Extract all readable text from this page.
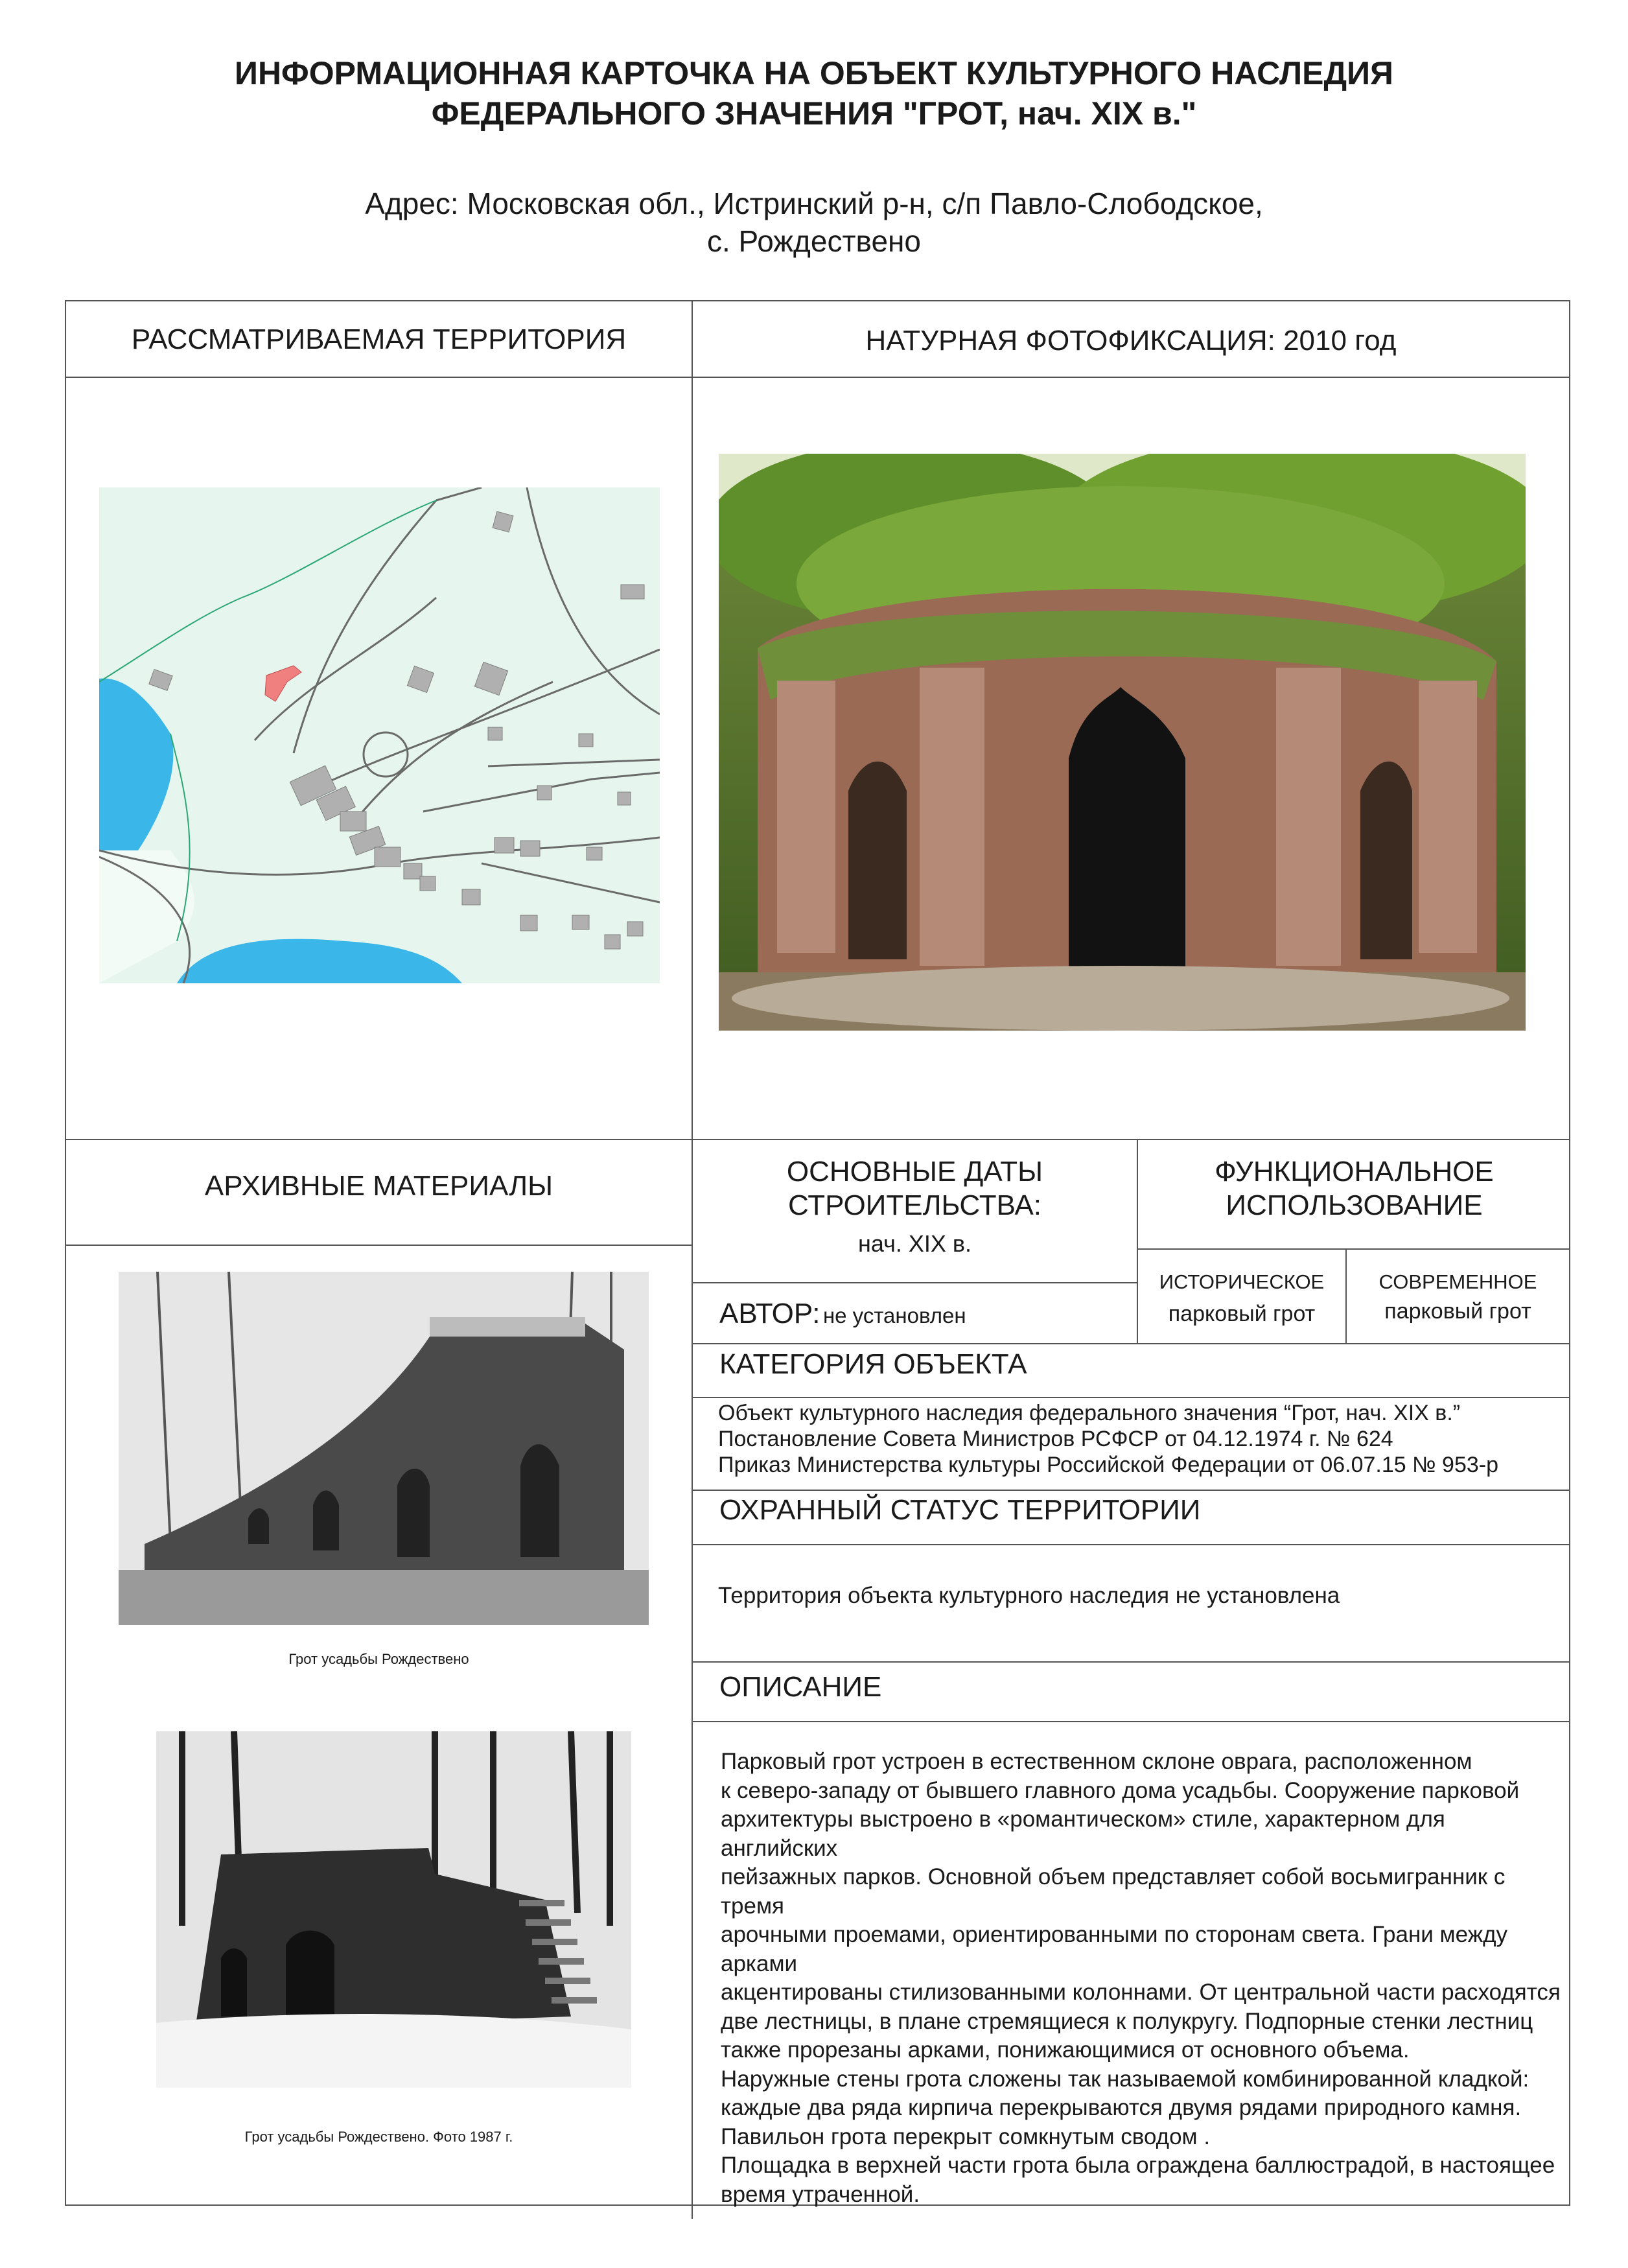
ИНФОРМАЦИОННАЯ КАРТОЧКА НА ОБЪЕКТ КУЛЬТУРНОГО НАСЛЕДИЯ
ФЕДЕРАЛЬНОГО ЗНАЧЕНИЯ "ГРОТ, нач. XIX в."
Адрес: Московская обл., Истринский р-н, с/п Павло-Слободское,
с. Рождествено
РАССМАТРИВАЕМАЯ ТЕРРИТОРИЯ	НАТУРНАЯ ФОТОФИКСАЦИЯ: 2010 год
АРХИВНЫЕ МАТЕРИАЛЫ
Грот усадьбы Рождествено
Грот усадьбы Рождествено. Фото 1987 г.
ОСНОВНЫЕ ДАТЫ
СТРОИТЕЛЬСТВА:
нач. XIX в.
АВТОР: не установлен
ФУНКЦИОНАЛЬНОЕ
ИСПОЛЬЗОВАНИЕ
ИСТОРИЧЕСКОЕ
парковый грот
СОВРЕМЕННОЕ
парковый грот
КАТЕГОРИЯ ОБЪЕКТА
Объект культурного наследия федерального значения “Грот, нач. XIX в.”
Постановление Совета Министров РСФСР от 04.12.1974 г. № 624
Приказ Министерства культуры Российской Федерации от 06.07.15 № 953-р
ОХРАННЫЙ СТАТУС ТЕРРИТОРИИ
Территория объекта культурного наследия не установлена
ОПИСАНИЕ
Парковый грот устроен в естественном склоне оврага, расположенном
к северо-западу от бывшего главного дома усадьбы. Сооружение парковой
архитектуры выстроено в «романтическом» стиле, характерном для английских
пейзажных парков. Основной объем представляет собой восьмигранник с тремя
арочными проемами, ориентированными по сторонам света. Грани между арками
акцентированы стилизованными колоннами. От центральной части расходятся
две лестницы, в плане стремящиеся к полукругу. Подпорные стенки лестниц
также прорезаны арками, понижающимися от основного объема.
Наружные стены грота сложены так называемой комбинированной кладкой:
каждые два ряда кирпича перекрываются двумя рядами природного камня.
Павильон грота перекрыт сомкнутым сводом .
Площадка в верхней части грота была ограждена баллюстрадой, в настоящее
время утраченной.
